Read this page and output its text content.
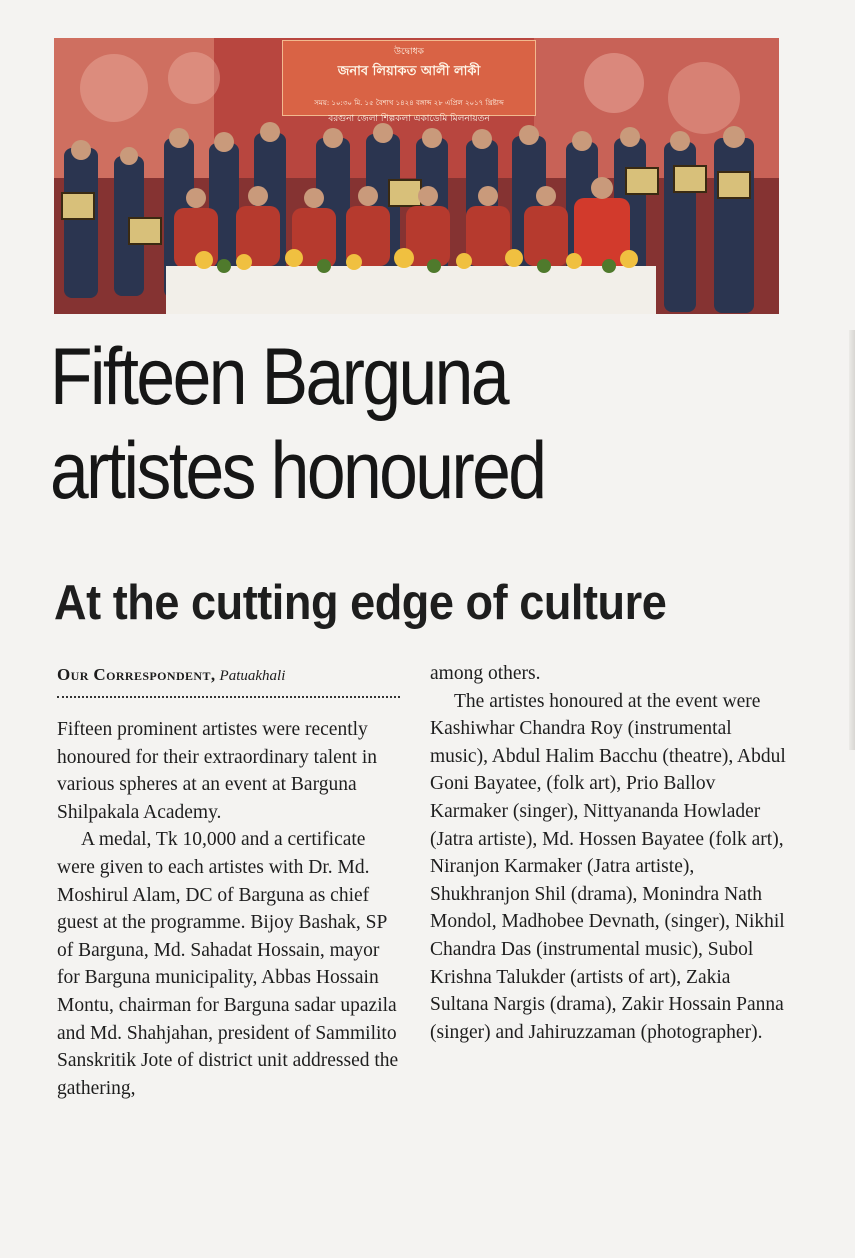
উদ্বোধক
জনাব লিয়াকত আলী লাকী
সময়: ১০:৩০ মি. ১৫ বৈশাখ ১৪২৪ বঙ্গাব্দ ২৮ এপ্রিল ২০১৭ খ্রিষ্টাব্দ
বরগুনা জেলা শিল্পকলা একাডেমি মিলনায়তন
Fifteen Barguna
artistes honoured
At the cutting edge of culture
Our Correspondent, Patuakhali

Fifteen prominent artistes were recently honoured for their extraordinary talent in various spheres at an event at Barguna Shilpakala Academy.

A medal, Tk 10,000 and a certificate were given to each artistes with Dr. Md. Moshirul Alam, DC of Barguna as chief guest at the programme. Bijoy Bashak, SP of Barguna, Md. Sahadat Hossain, mayor for Barguna municipality, Abbas Hossain Montu, chairman for Barguna sadar upazila and Md. Shahjahan, president of Sammilito Sanskritik Jote of district unit addressed the gathering,

among others.

The artistes honoured at the event were Kashiwhar Chandra Roy (instrumental music), Abdul Halim Bacchu (theatre), Abdul Goni Bayatee, (folk art), Prio Ballov Karmaker (singer), Nittyananda Howlader (Jatra artiste), Md. Hossen Bayatee (folk art), Niranjon Karmaker (Jatra artiste), Shukhranjon Shil (drama), Monindra Nath Mondol, Madhobee Devnath, (singer), Nikhil Chandra Das (instrumental music), Subol Krishna Talukder (artists of art), Zakia Sultana Nargis (drama), Zakir Hossain Panna (singer) and Jahiruzzaman (photographer).
